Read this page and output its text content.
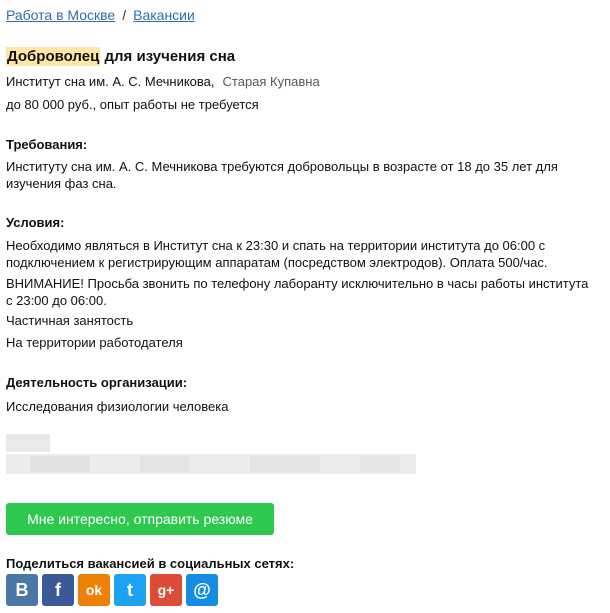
Работа в Москве / Вакансии
Доброволец для изучения сна
Институт сна им. А. С. Мечникова, Старая Купавна
до 80 000 руб., опыт работы не требуется
Требования:
Институту сна им. А. С. Мечникова требуются добровольцы в возрасте от 18 до 35 лет для изучения фаз сна.
Условия:
Необходимо являться в Институт сна к 23:30 и спать на территории института до 06:00 с подключением к регистрирующим аппаратам (посредством электродов). Оплата 500/час.
ВНИМАНИЕ! Просьба звонить по телефону лаборанту исключительно в часы работы института с 23:00 до 06:00.
Частичная занятость
На территории работодателя
Деятельность организации:
Исследования физиологии человека
Мне интересно, отправить резюме
Поделиться вакансией в социальных сетях:
В	f	ok	t	g+	@
